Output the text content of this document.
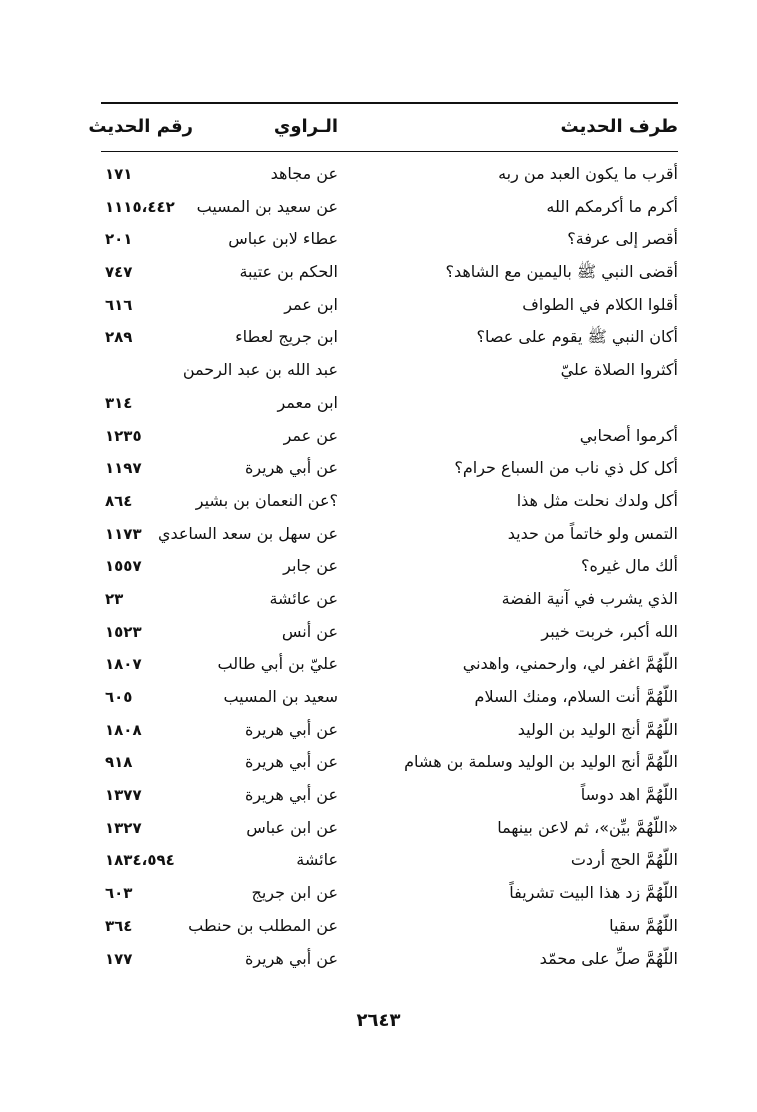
طرف الحديث
الـراوي
رقم الحديث
أقرب ما يكون العبد من ربه
عن مجاهد
١٧١
أكرم ما أكرمكم الله
عن سعيد بن المسيب
١١١٥،٤٤٢
أقصر إلى عرفة؟
عطاء لابن عباس
٢٠١
أقضى النبي ﷺ باليمين مع الشاهد؟
الحكم بن عتيبة
٧٤٧
أقلوا الكلام في الطواف
ابن عمر
٦١٦
أكان النبي ﷺ يقوم على عصا؟
ابن جريج لعطاء
٢٨٩
أكثروا الصلاة عليّ
عبد الله بن عبد الرحمن
ابن معمر
٣١٤
أكرموا أصحابي
عن عمر
١٢٣٥
أكل كل ذي ناب من السباع حرام؟
عن أبي هريرة
١١٩٧
أكل ولدك نحلت مثل هذا
؟عن النعمان بن بشير
٨٦٤
التمس ولو خاتماً من حديد
عن سهل بن سعد الساعدي
١١٧٣
ألك مال غيره؟
عن جابر
١٥٥٧
الذي يشرب في آنية الفضة
عن عائشة
٢٣
الله أكبر، خربت خيبر
عن أنس
١٥٢٣
اللّهُمَّ اغفر لي، وارحمني، واهدني
عليّ بن أبي طالب
١٨٠٧
اللّهُمَّ أنت السلام، ومنك السلام
سعيد بن المسيب
٦٠٥
اللّهُمَّ أنج الوليد بن الوليد
عن أبي هريرة
١٨٠٨
اللّهُمَّ أنج الوليد بن الوليد وسلمة بن هشام
عن أبي هريرة
٩١٨
اللّهُمَّ اهد دوساً
عن أبي هريرة
١٣٧٧
«اللّهُمَّ بيِّن»، ثم لاعن بينهما
عن ابن عباس
١٣٢٧
اللّهُمَّ الحج أردت
عائشة
١٨٣٤،٥٩٤
اللّهُمَّ زد هذا البيت تشريفاً
عن ابن جريج
٦٠٣
اللّهُمَّ سقيا
عن المطلب بن حنطب
٣٦٤
اللّهُمَّ صلِّ على محمّد
عن أبي هريرة
١٧٧
٢٦٤٣
